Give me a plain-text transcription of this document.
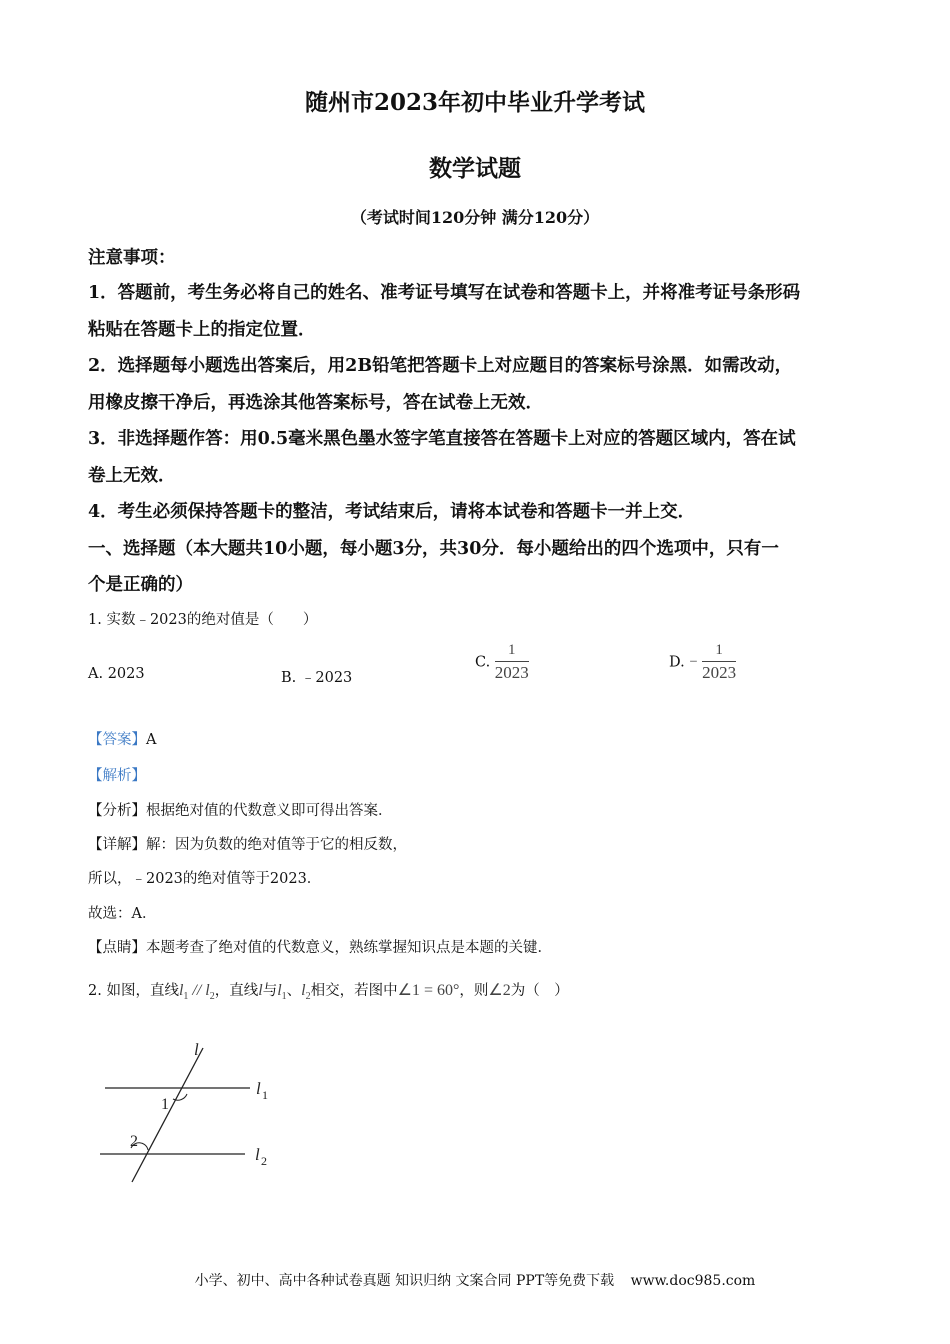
随州市2023年初中毕业升学考试
数学试题
（考试时间120分钟 满分120分）
注意事项：
1．答题前，考生务必将自己的姓名、准考证号填写在试卷和答题卡上，并将准考证号条形码
粘贴在答题卡上的指定位置．
2．选择题每小题选出答案后，用2B铅笔把答题卡上对应题目的答案标号涂黑．如需改动，
用橡皮擦干净后，再选涂其他答案标号，答在试卷上无效．
3．非选择题作答：用0.5毫米黑色墨水签字笔直接答在答题卡上对应的答题区域内，答在试
卷上无效．
4．考生必须保持答题卡的整洁，考试结束后，请将本试卷和答题卡一并上交．
一、选择题（本大题共10小题，每小题3分，共30分．每小题给出的四个选项中，只有一
个是正确的）
1. 实数﹣2023的绝对值是（　　）
A. 2023	B. ﹣2023
C. $\frac{1}{2023}$	D. − $\frac{1}{2023}$
【答案】A
【解析】
【分析】根据绝对值的代数意义即可得出答案．
【详解】解：因为负数的绝对值等于它的相反数，
所以，﹣2023的绝对值等于2023．
故选：A．
【点睛】本题考查了绝对值的代数意义，熟练掌握知识点是本题的关键．
2. 如图，直线$l_1 // l_2$，直线l与$l_1$、$l_2$相交，若图中∠1 = 60°，则∠2为（　）
l
l 1
l 2
1
2
小学、初中、高中各种试卷真题 知识归纳 文案合同 PPT等免费下载 www.doc985.com
